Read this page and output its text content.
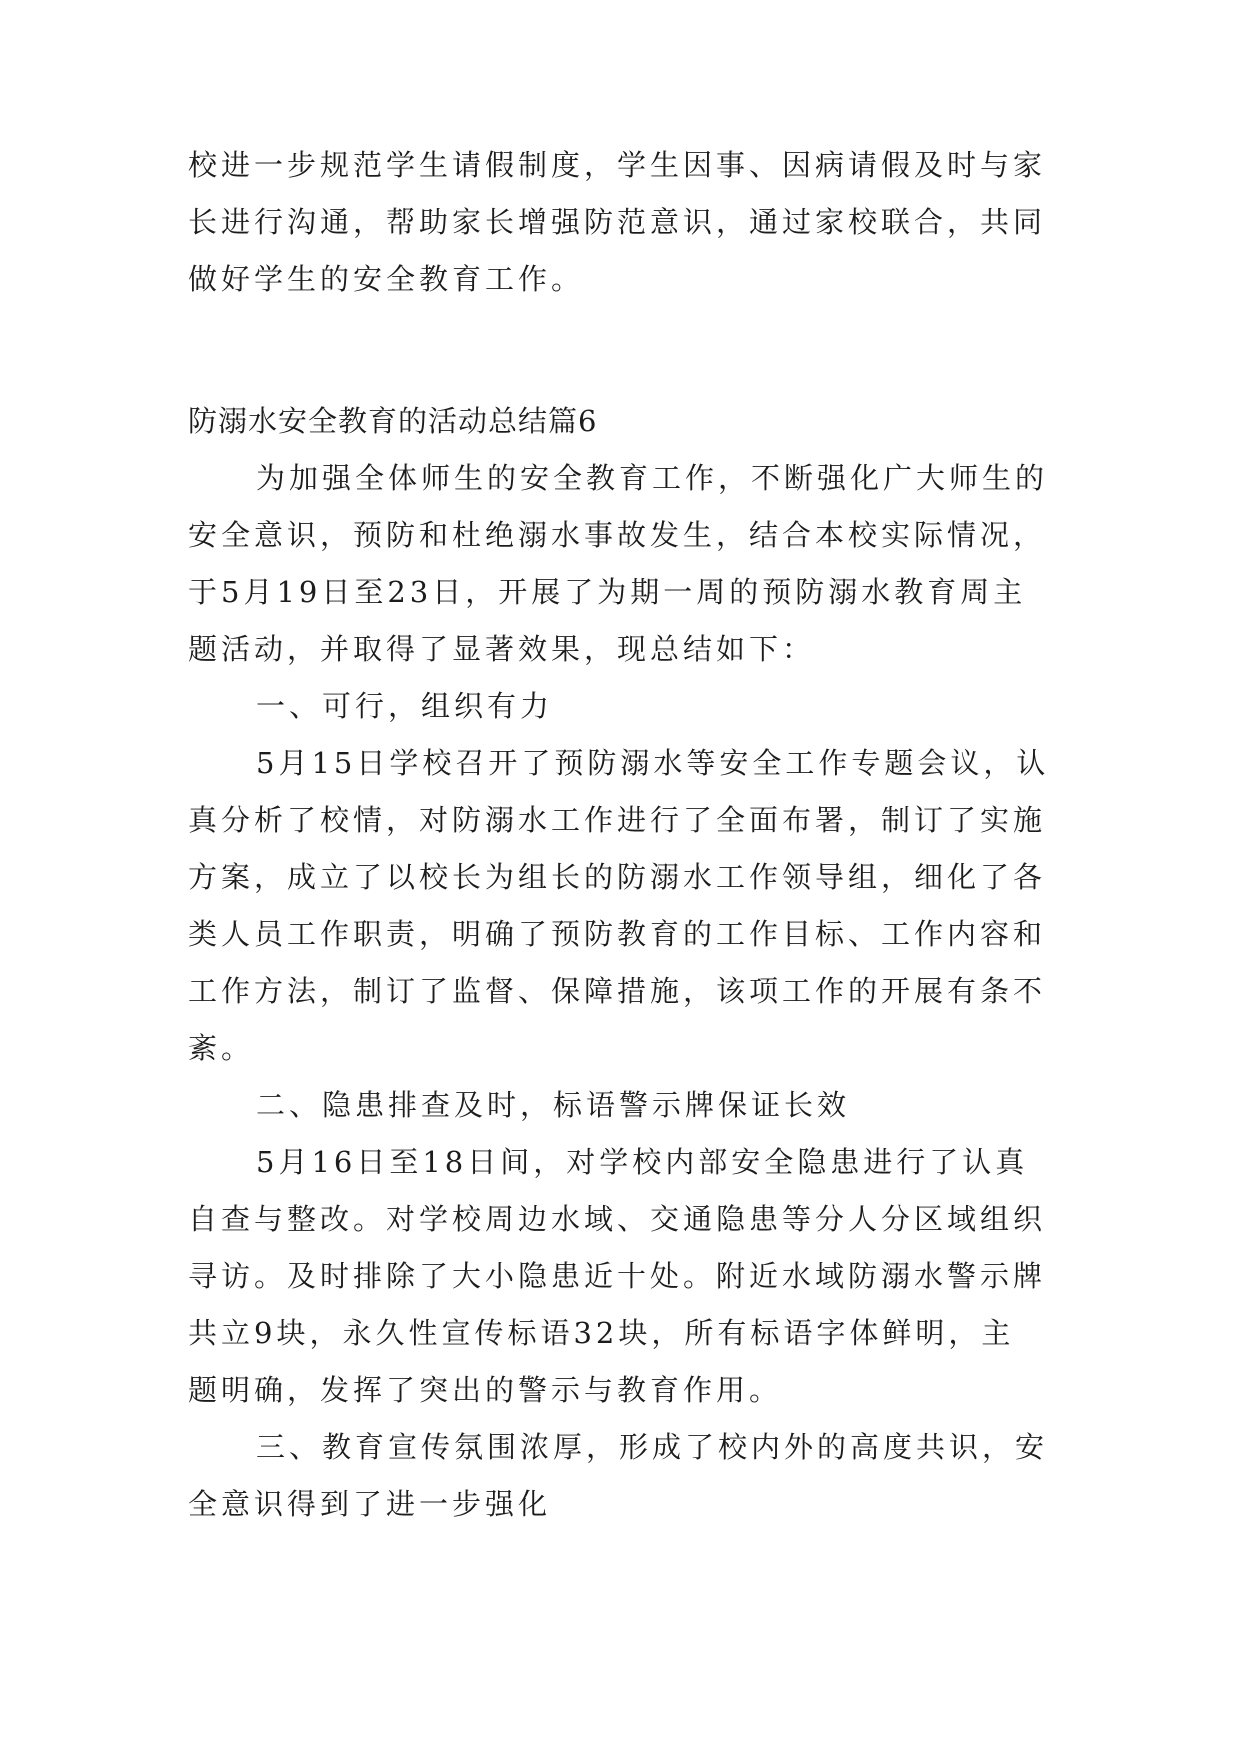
校进一步规范学生请假制度，学生因事、因病请假及时与家
长进行沟通，帮助家长增强防范意识，通过家校联合，共同
做好学生的安全教育工作。
防溺水安全教育的活动总结篇6
为加强全体师生的安全教育工作，不断强化广大师生的
安全意识，预防和杜绝溺水事故发生，结合本校实际情况，
于5月19日至23日，开展了为期一周的预防溺水教育周主
题活动，并取得了显著效果，现总结如下：
一、可行，组织有力
5月15日学校召开了预防溺水等安全工作专题会议，认
真分析了校情，对防溺水工作进行了全面布署，制订了实施
方案，成立了以校长为组长的防溺水工作领导组，细化了各
类人员工作职责，明确了预防教育的工作目标、工作内容和
工作方法，制订了监督、保障措施，该项工作的开展有条不
紊。
二、隐患排查及时，标语警示牌保证长效
5月16日至18日间，对学校内部安全隐患进行了认真
自查与整改。对学校周边水域、交通隐患等分人分区域组织
寻访。及时排除了大小隐患近十处。附近水域防溺水警示牌
共立9块，永久性宣传标语32块，所有标语字体鲜明，主
题明确，发挥了突出的警示与教育作用。
三、教育宣传氛围浓厚，形成了校内外的高度共识，安
全意识得到了进一步强化
